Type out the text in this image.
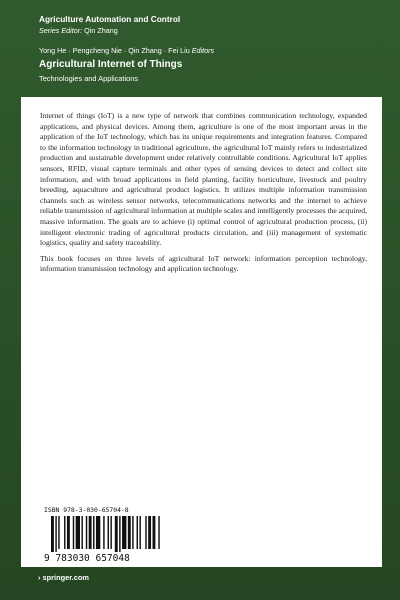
Agriculture Automation and Control
Series Editor: Qin Zhang
Yong He · Pengcheng Nie · Qin Zhang · Fei Liu Editors
Agricultural Internet of Things
Technologies and Applications

Internet of things (IoT) is a new type of network that combines communication technology, expanded applications, and physical devices. Among them, agriculture is one of the most important areas in the application of the IoT technology, which has its unique requirements and integration features. Compared to the information technology in traditional agriculture, the agricultural IoT mainly refers to industrialized production and sustainable development under relatively controllable conditions. Agricultural IoT applies sensors, RFID, visual capture terminals and other types of sensing devices to detect and collect site information, and with broad applications in field planting, facility horticulture, livestock and poultry breeding, aquaculture and agricultural product logistics. It utilizes multiple information transmission channels such as wireless sensor networks, telecommunications networks and the internet to achieve reliable transmission of agricultural information at multiple scales and intelligently processes the acquired, massive information. The goals are to achieve (i) optimal control of agricultural production process, (ii) intelligent electronic trading of agricultural products circulation, and (iii) management of systematic logistics, quality and safety traceability.

This book focuses on three levels of agricultural IoT network: information perception technology, information transmission technology and application technology.

ISBN 978-3-030-65704-8
9 783030 657048
› springer.com
